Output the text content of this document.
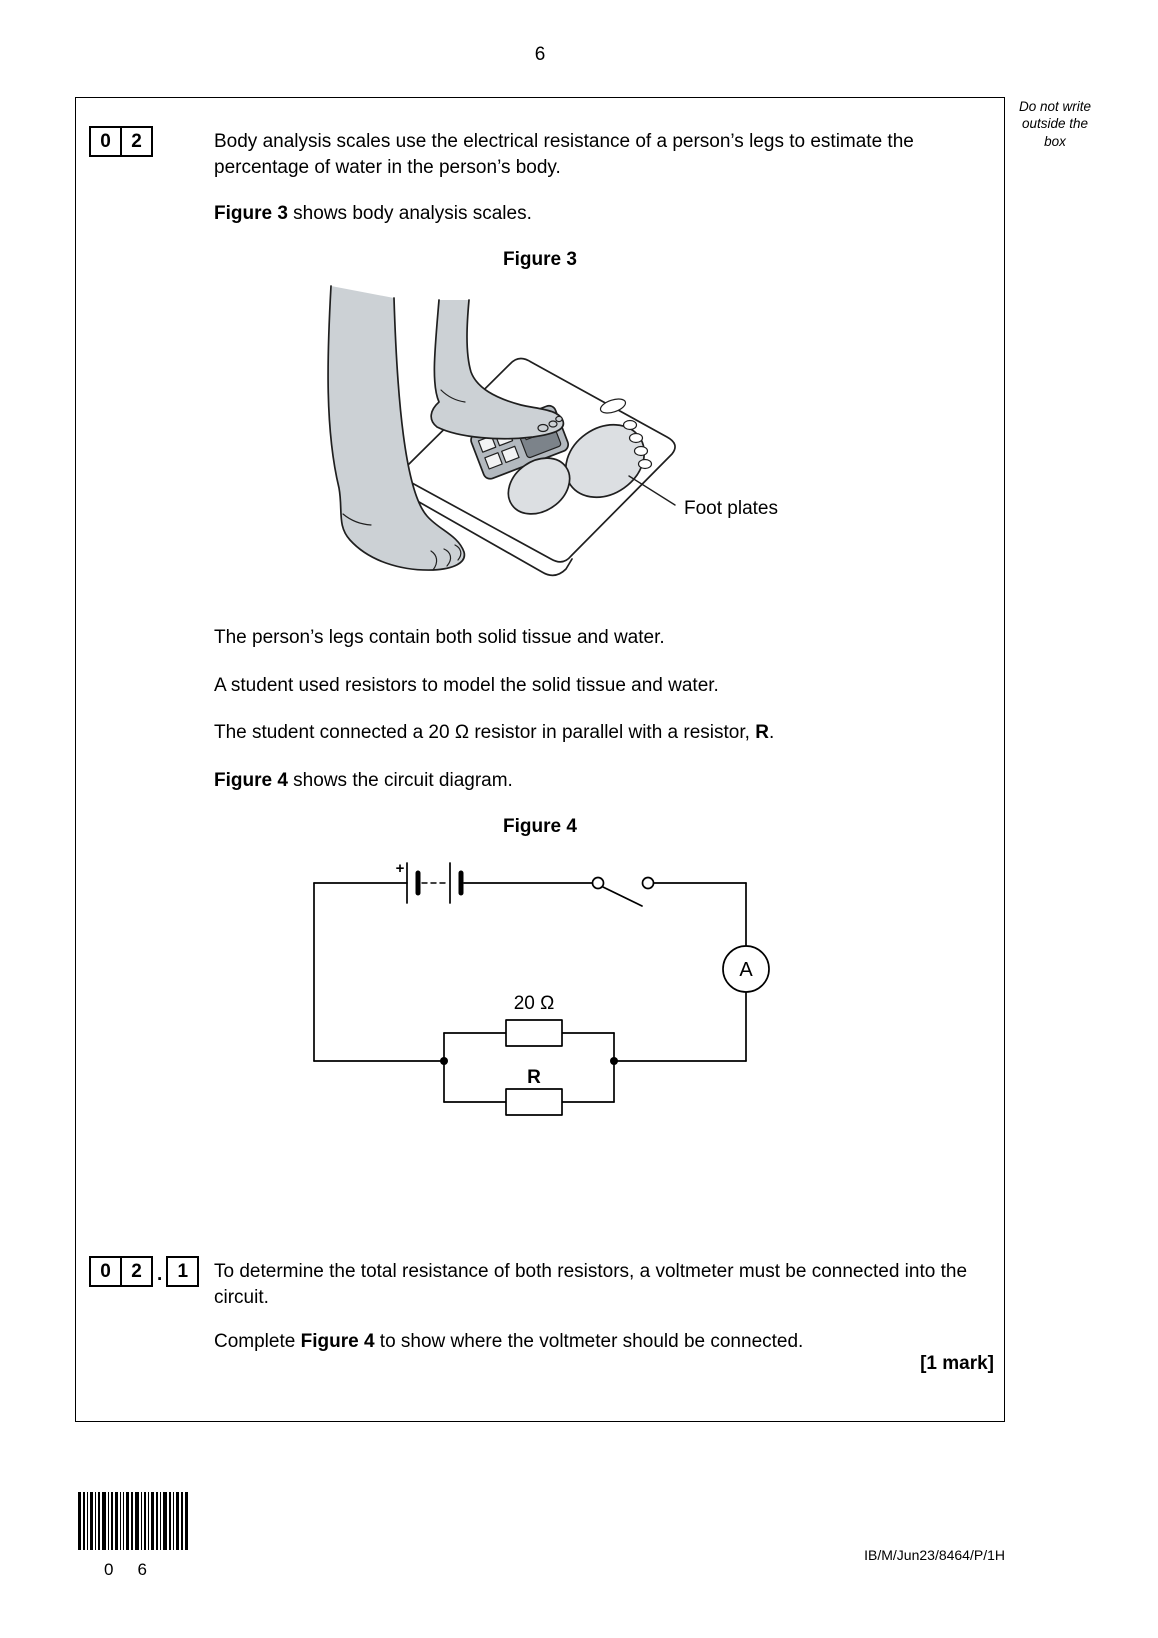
6
Do not write
outside the
box
0	2	Body analysis scales use the electrical resistance of a person’s legs to estimate the percentage of water in the person’s body.

Figure 3 shows body analysis scales.

Figure 3
Foot plates

The person’s legs contain both solid tissue and water.

A student used resistors to model the solid tissue and water.

The student connected a 20 Ω resistor in parallel with a resistor, R.

Figure 4 shows the circuit diagram.

Figure 4
+
A
20 Ω
R
0	2 . 1	To determine the total resistance of both resistors, a voltmeter must be connected into the circuit.

Complete Figure 4 to show where the voltmeter should be connected.

[1 mark]
0 6
IB/M/Jun23/8464/P/1H
